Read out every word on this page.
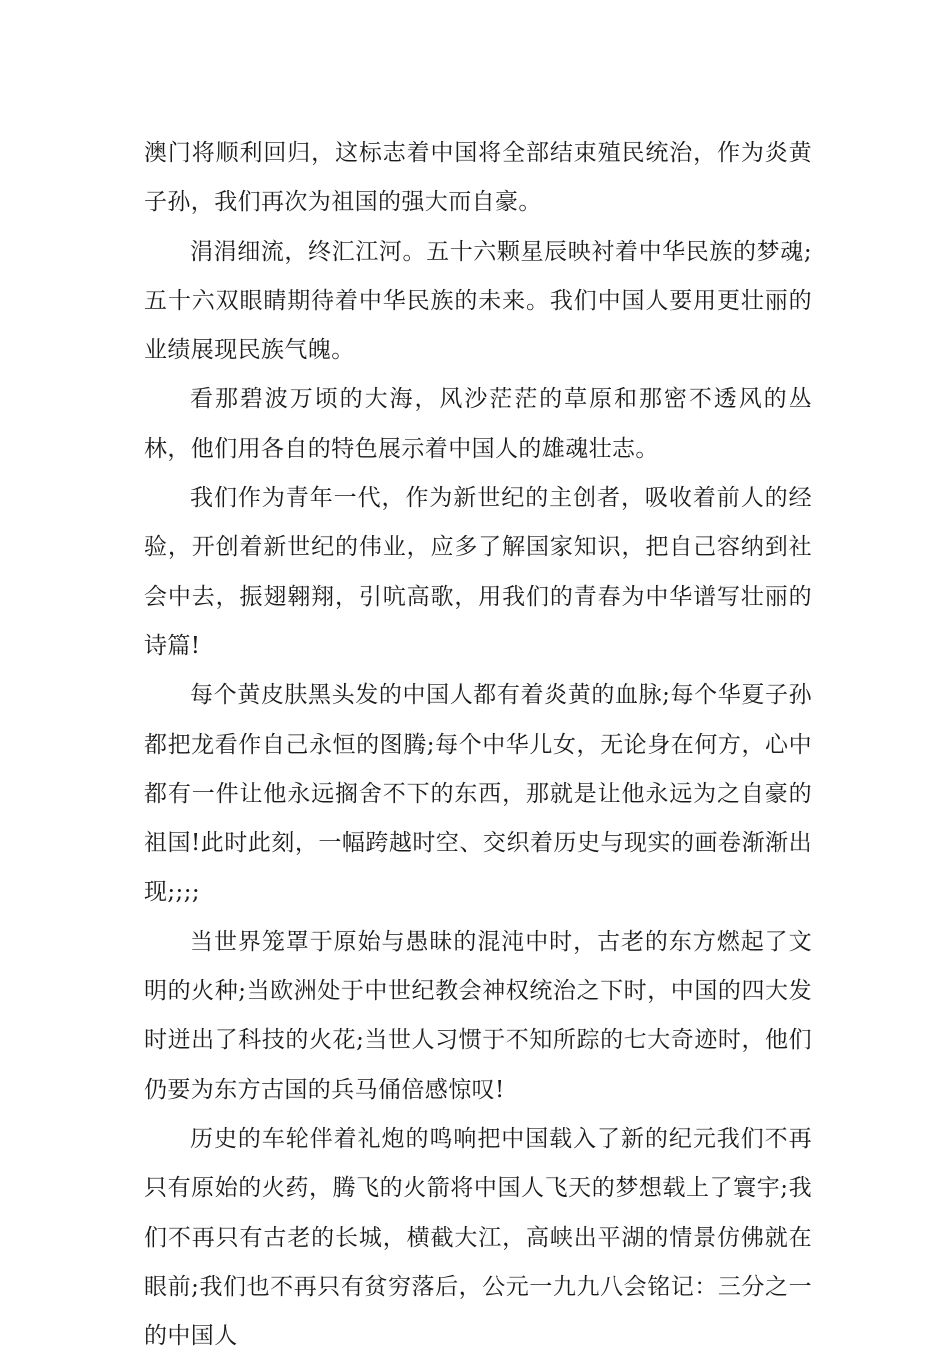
澳门将顺利回归，这标志着中国将全部结束殖民统治，作为炎黄子孙，我们再次为祖国的强大而自豪。

涓涓细流，终汇江河。五十六颗星辰映衬着中华民族的梦魂;五十六双眼睛期待着中华民族的未来。我们中国人要用更壮丽的业绩展现民族气魄。

看那碧波万顷的大海，风沙茫茫的草原和那密不透风的丛林，他们用各自的特色展示着中国人的雄魂壮志。

我们作为青年一代，作为新世纪的主创者，吸收着前人的经验，开创着新世纪的伟业，应多了解国家知识，把自己容纳到社会中去，振翅翱翔，引吭高歌，用我们的青春为中华谱写壮丽的诗篇!

每个黄皮肤黑头发的中国人都有着炎黄的血脉;每个华夏子孙都把龙看作自己永恒的图腾;每个中华儿女，无论身在何方，心中都有一件让他永远搁舍不下的东西，那就是让他永远为之自豪的祖国!此时此刻，一幅跨越时空、交织着历史与现实的画卷渐渐出现;;;;

当世界笼罩于原始与愚昧的混沌中时，古老的东方燃起了文明的火种;当欧洲处于中世纪教会神权统治之下时，中国的四大发时迸出了科技的火花;当世人习惯于不知所踪的七大奇迹时，他们仍要为东方古国的兵马俑倍感惊叹!

历史的车轮伴着礼炮的鸣响把中国载入了新的纪元我们不再只有原始的火药，腾飞的火箭将中国人飞天的梦想载上了寰宇;我们不再只有古老的长城，横截大江，高峡出平湖的情景仿佛就在眼前;我们也不再只有贫穷落后，公元一九九八会铭记：三分之一的中国人
